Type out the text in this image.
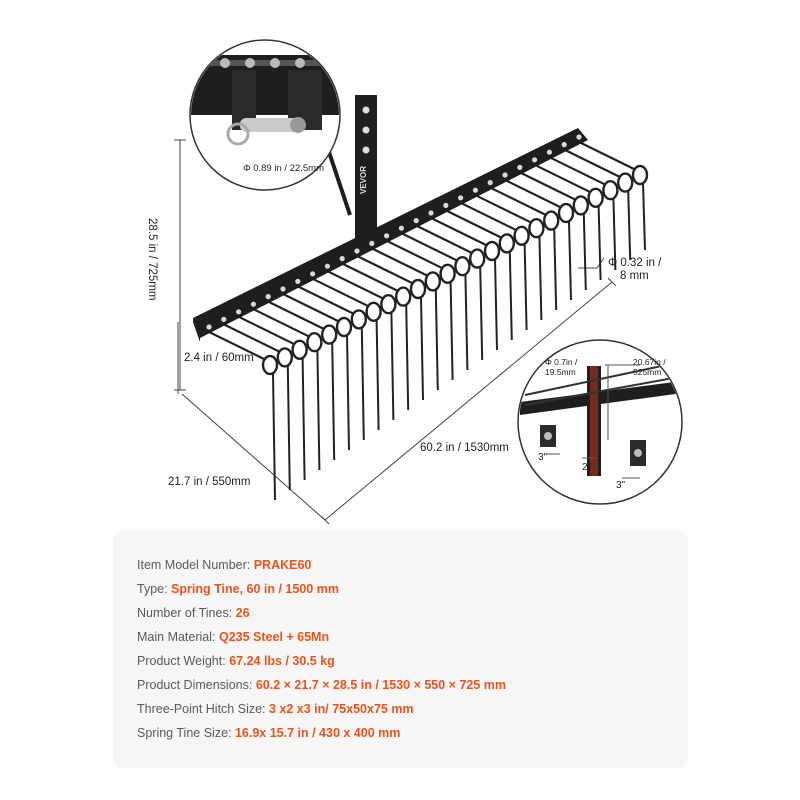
VEVOR
Φ 0.89 in / 22.5mm
28.5 in / 725mm	Φ 0.32 in /
8 mm
2.4 in / 60mm
60.2 in / 1530mm
21.7 in / 550mm
Φ 0.7in /
19.5mm
20.67in /
525mm
3"
2"
3"
Item Model Number: PRAKE60
Type: Spring Tine, 60 in / 1500 mm
Number of Tines: 26
Main Material: Q235 Steel + 65Mn
Product Weight: 67.24 lbs / 30.5 kg
Product Dimensions: 60.2 × 21.7 × 28.5 in / 1530 × 550 × 725 mm
Three-Point Hitch Size: 3 x2 x3 in/ 75x50x75 mm
Spring Tine Size: 16.9x 15.7 in / 430 x 400 mm
